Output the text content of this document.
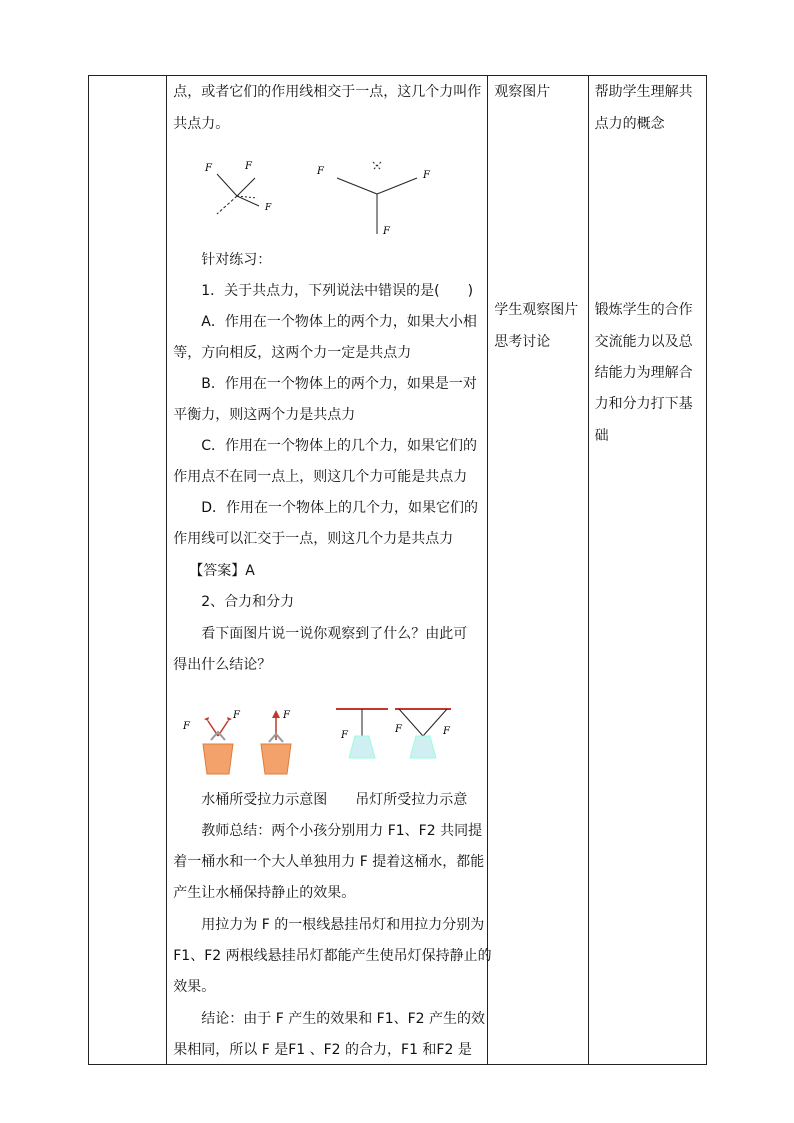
点，或者它们的作用线相交于一点，这几个力叫作
共点力。
F	F
F
F	F
F
针对练习：
1．关于共点力，下列说法中错误的是(　　)
A．作用在一个物体上的两个力，如果大小相
等，方向相反，这两个力一定是共点力
B．作用在一个物体上的两个力，如果是一对
平衡力，则这两个力是共点力
C．作用在一个物体上的几个力，如果它们的
作用点不在同一点上，则这几个力可能是共点力
D．作用在一个物体上的几个力，如果它们的
作用线可以汇交于一点，则这几个力是共点力
【答案】A
2、合力和分力
看下面图片说一说你观察到了什么？由此可
得出什么结论？
F
F	F
F
F	F
水桶所受拉力示意图　　吊灯所受拉力示意
教师总结：两个小孩分别用力 F1、F2 共同提
着一桶水和一个大人单独用力 F 提着这桶水，都能
产生让水桶保持静止的效果。
用拉力为 F 的一根线悬挂吊灯和用拉力分别为
F1、F2 两根线悬挂吊灯都能产生使吊灯保持静止的
效果。
结论：由于 F 产生的效果和 F1、F2 产生的效
果相同，所以 F 是F1 、F2 的合力，F1 和F2 是

观察图片
学生观察图片
思考讨论

帮助学生理解共
点力的概念
锻炼学生的合作
交流能力以及总
结能力为理解合
力和分力打下基
础
